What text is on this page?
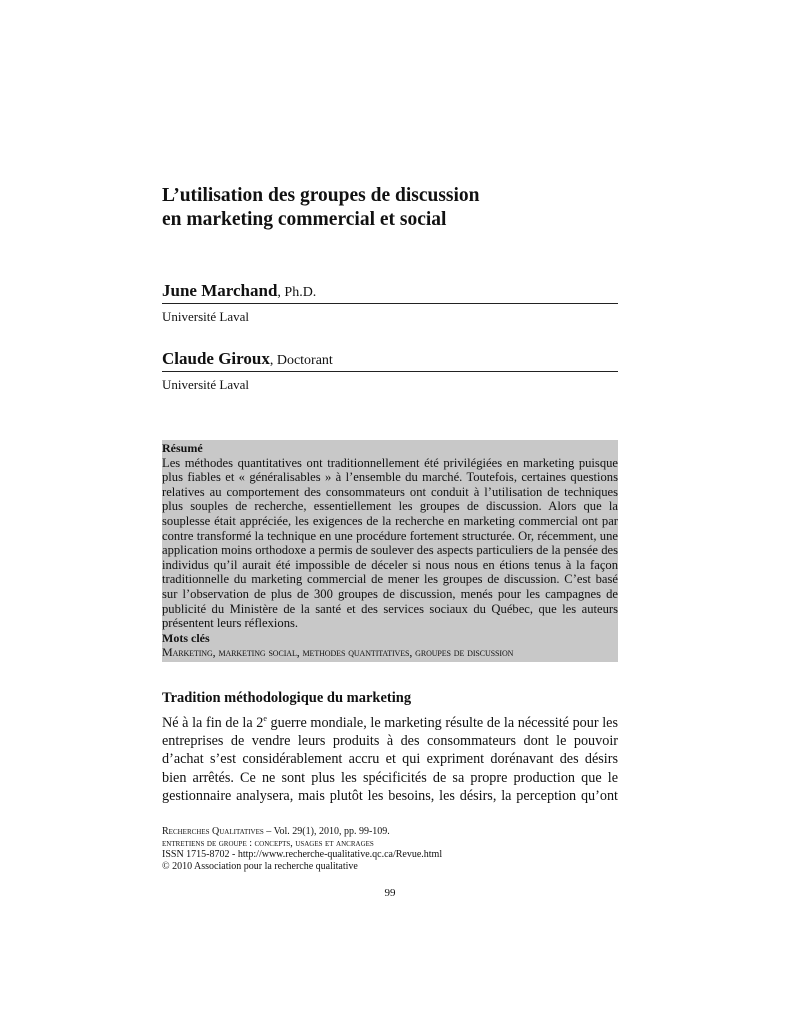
L’utilisation des groupes de discussion
en marketing commercial et social
June Marchand, Ph.D.
Université Laval
Claude Giroux, Doctorant
Université Laval
Résumé
Les méthodes quantitatives ont traditionnellement été privilégiées en marketing puisque plus fiables et « généralisables » à l’ensemble du marché. Toutefois, certaines questions relatives au comportement des consommateurs ont conduit à l’utilisation de techniques plus souples de recherche, essentiellement les groupes de discussion. Alors que la souplesse était appréciée, les exigences de la recherche en marketing commercial ont par contre transformé la technique en une procédure fortement structurée. Or, récemment, une application moins orthodoxe a permis de soulever des aspects particuliers de la pensée des individus qu’il aurait été impossible de déceler si nous nous en étions tenus à la façon traditionnelle du marketing commercial de mener les groupes de discussion. C’est basé sur l’observation de plus de 300 groupes de discussion, menés pour les campagnes de publicité du Ministère de la santé et des services sociaux du Québec, que les auteurs présentent leurs réflexions.
Mots clés
Marketing, marketing social, methodes quantitatives, groupes de discussion
Tradition méthodologique du marketing

Né à la fin de la 2e guerre mondiale, le marketing résulte de la nécessité pour les entreprises de vendre leurs produits à des consommateurs dont le pouvoir d’achat s’est considérablement accru et qui expriment dorénavant des désirs bien arrêtés. Ce ne sont plus les spécificités de sa propre production que le gestionnaire analysera, mais plutôt les besoins, les désirs, la perception qu’ont

Recherches Qualitatives – Vol. 29(1), 2010, pp. 99-109.
entretiens de groupe : concepts, usages et ancrages
ISSN 1715-8702 - http://www.recherche-qualitative.qc.ca/Revue.html
© 2010 Association pour la recherche qualitative
99
